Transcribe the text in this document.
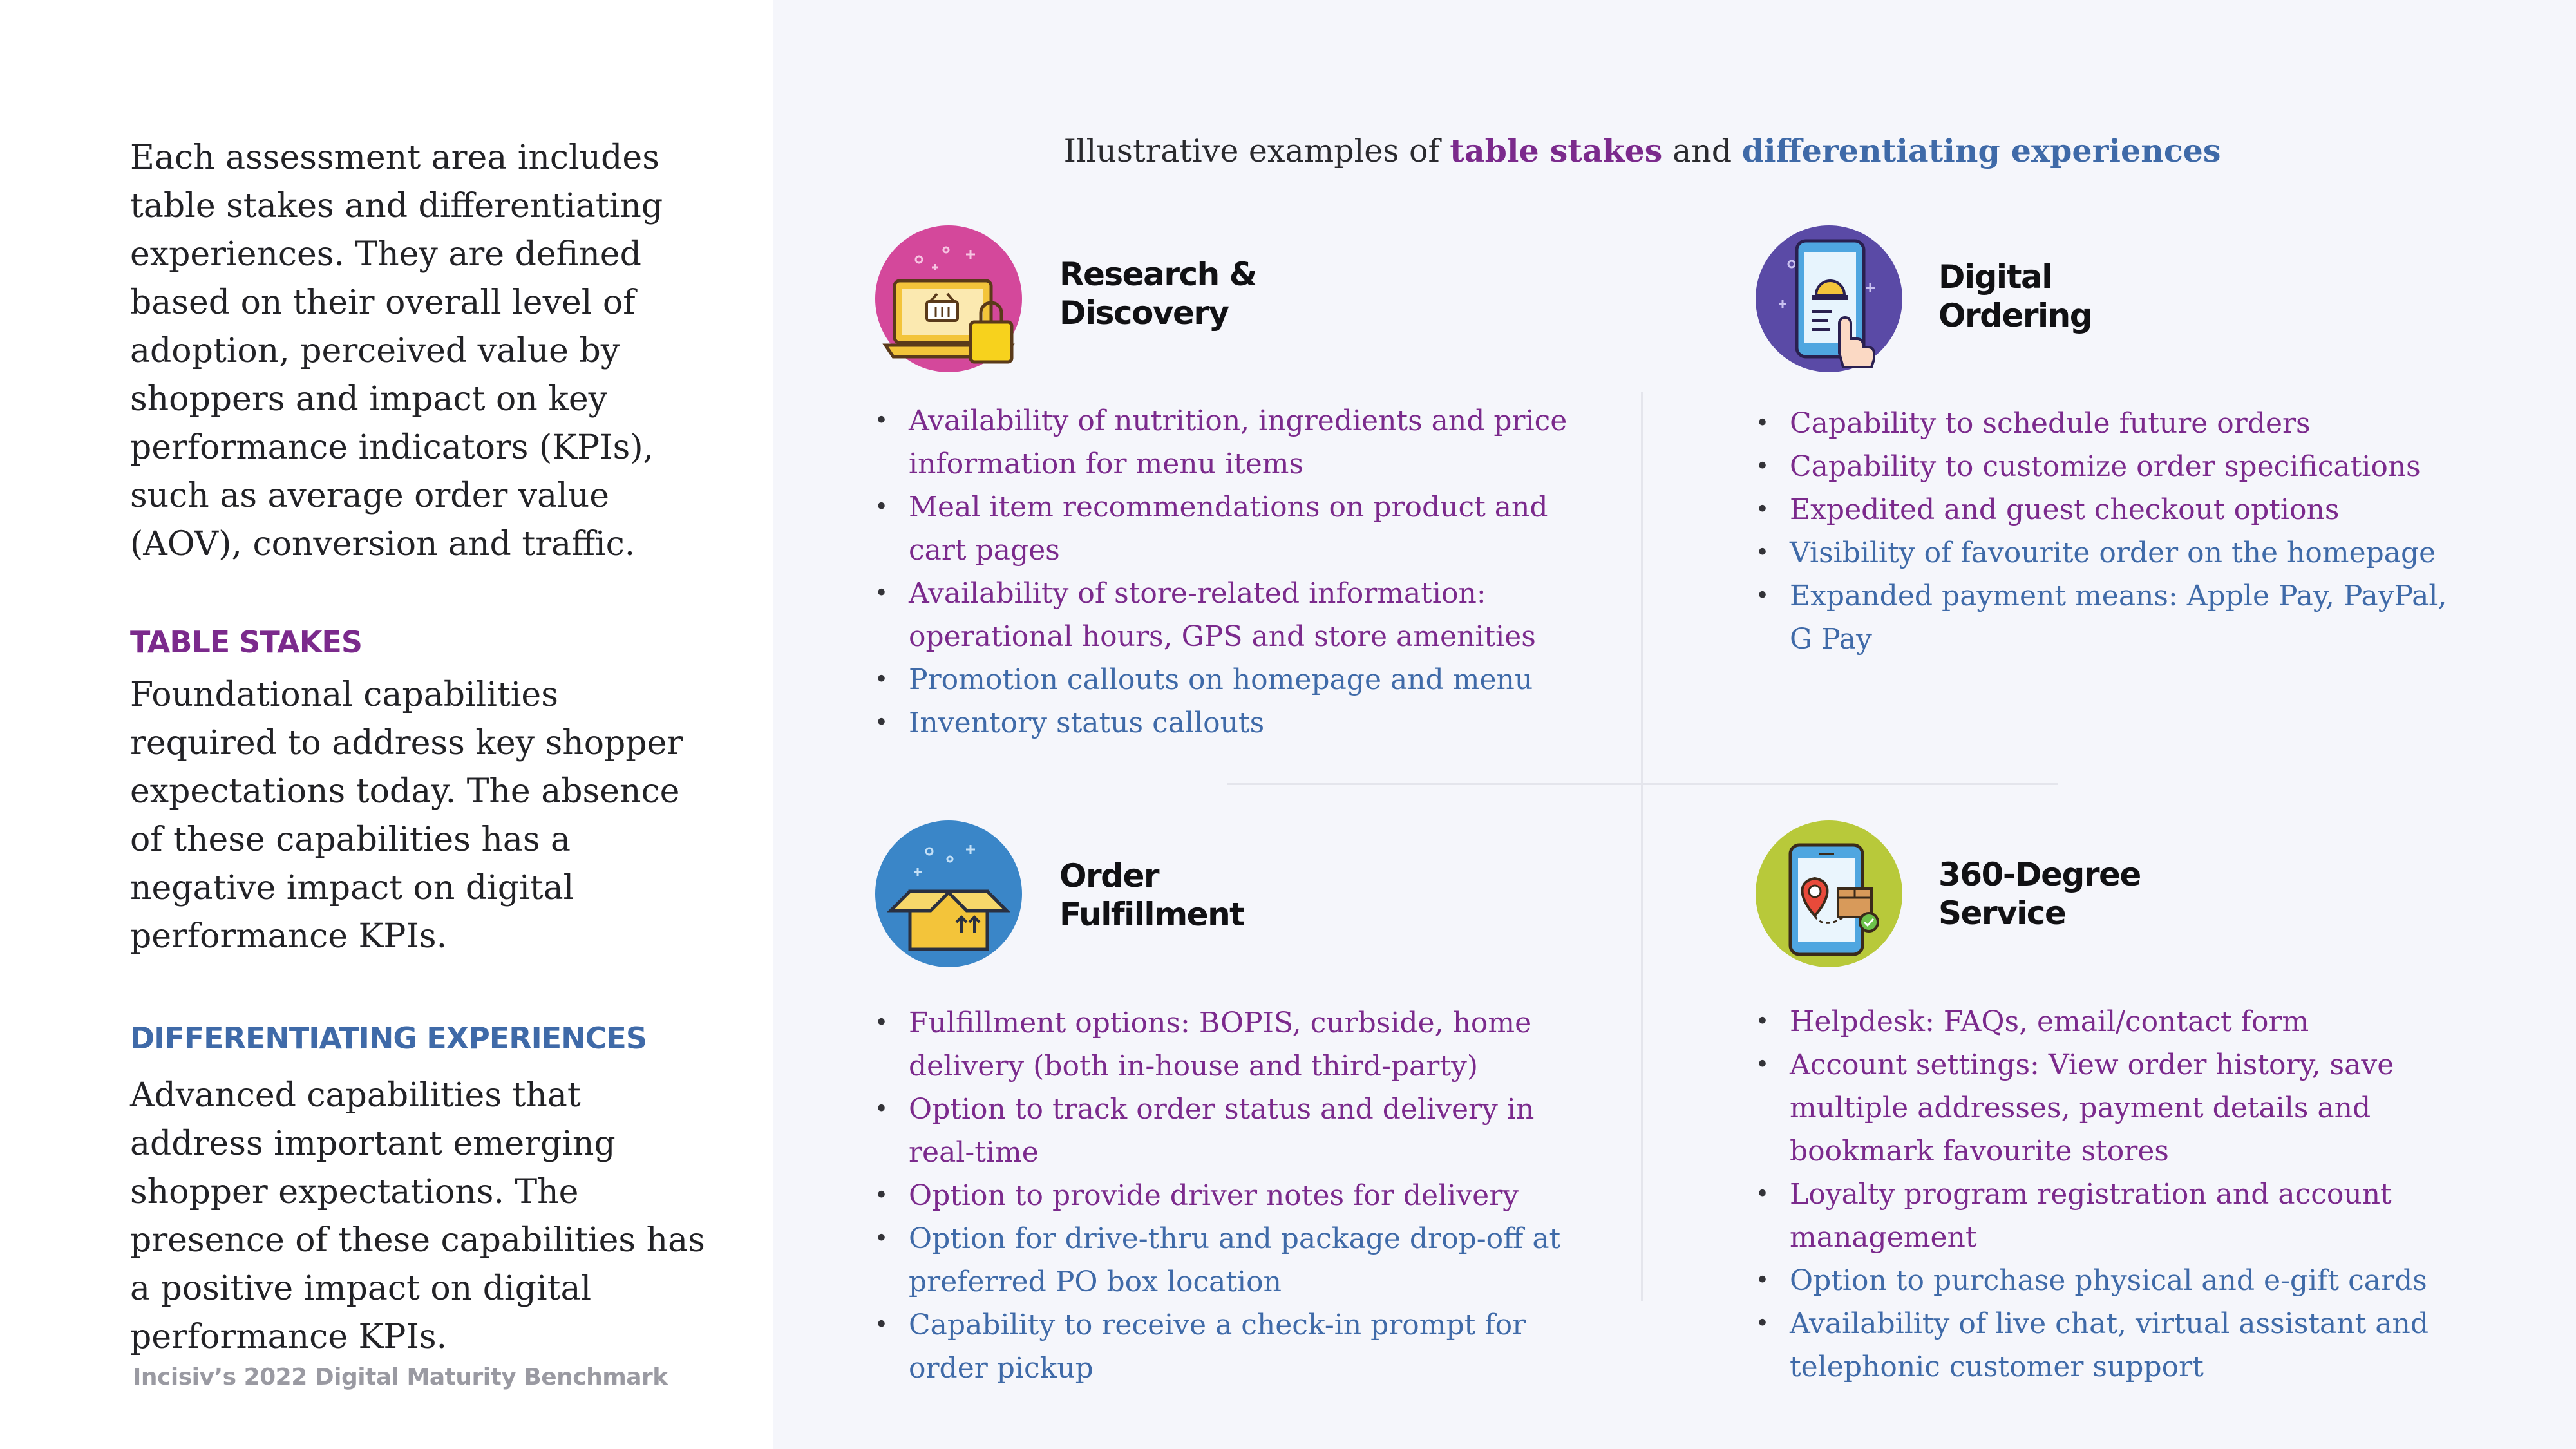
Each assessment area includes table stakes and differentiating experiences. They are defined based on their overall level of adoption, perceived value by shoppers and impact on key performance indicators (KPIs), such as average order value (AOV), conversion and traffic.

TABLE STAKES

Foundational capabilities required to address key shopper expectations today. The absence of these capabilities has a negative impact on digital performance KPIs.

DIFFERENTIATING EXPERIENCES

Advanced capabilities that address important emerging shopper expectations. The presence of these capabilities has a positive impact on digital performance KPIs.

Incisiv’s 2022 Digital Maturity Benchmark
Illustrative examples of table stakes and differentiating experiences
Research &
Discovery
• Availability of nutrition, ingredients and price information for menu items
• Meal item recommendations on product and cart pages
• Availability of store-related information: operational hours, GPS and store amenities
• Promotion callouts on homepage and menu
• Inventory status callouts
Digital
Ordering
• Capability to schedule future orders
• Capability to customize order specifications
• Expedited and guest checkout options
• Visibility of favourite order on the homepage
• Expanded payment means: Apple Pay, PayPal, G Pay
Order
Fulfillment
• Fulfillment options: BOPIS, curbside, home delivery (both in-house and third-party)
• Option to track order status and delivery in real-time
• Option to provide driver notes for delivery
• Option for drive-thru and package drop-off at preferred PO box location
• Capability to receive a check-in prompt for order pickup
360-Degree
Service
• Helpdesk: FAQs, email/contact form
• Account settings: View order history, save multiple addresses, payment details and bookmark favourite stores
• Loyalty program registration and account management
• Option to purchase physical and e-gift cards
• Availability of live chat, virtual assistant and telephonic customer support
